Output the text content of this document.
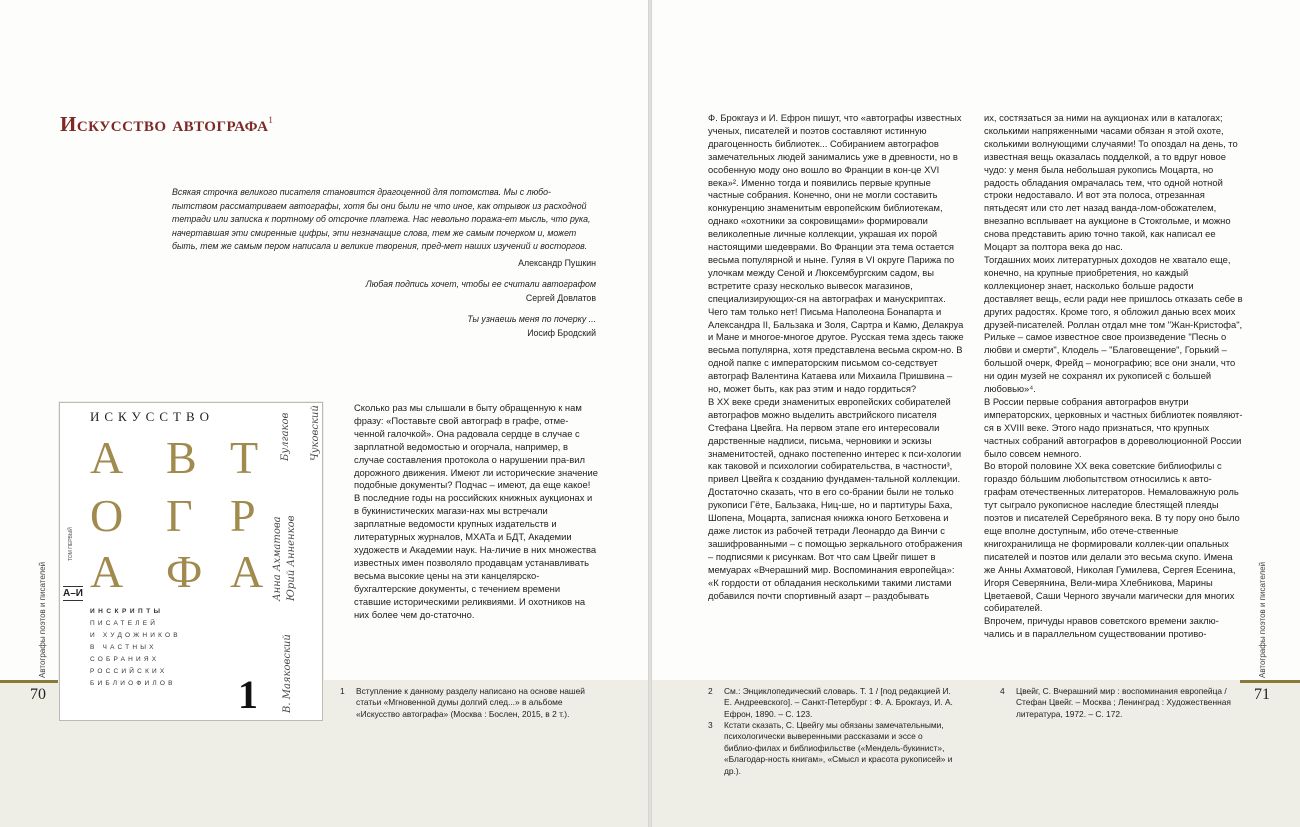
70
Автографы поэтов и писателей
Искусство автографа$^1$

Всякая строчка великого писателя становится драгоценной для потомства. Мы с любо-пытством рассматриваем автографы, хотя бы они были не что иное, как отрывок из расходной тетради или записка к портному об отсрочке платежа. Нас невольно поража-ет мысль, что рука, начертавшая эти смиренные цифры, эти незначащие слова, тем же самым почерком и, может быть, тем же самым пером написала и великие творения, пред-мет наших изучений и восторгов.

Александр Пушкин

Любая подпись хочет, чтобы ее считали автографом

Сергей Довлатов

Ты узнаешь меня по почерку ...

Иосиф Бродский

ИСКУССТВО
А В Т
О Г Р
А Ф А
ТОМ ПЕРВЫЙ
А–И
ИНСКРИПТЫ
ПИСАТЕЛЕЙ
И ХУДОЖНИКОВ
В ЧАСТНЫХ
СОБРАНИЯХ
РОССИЙСКИХ
БИБЛИОФИЛОВ 1
Булгаков Чуковский
Анна Ахматова Юрий Анненков
В. Маяковский

Сколько раз мы слышали в быту обращенную к нам фразу: «Поставьте свой автограф в графе, отме-ченной галочкой». Она радовала сердце в случае с зарплатной ведомостью и огорчала, например, в случае составления протокола о нарушении пра-вил дорожного движения. Имеют ли исторические значение подобные документы? Подчас – имеют, да еще какое! В последние годы на российских книжных аукционах и в букинистических магази-нах мы встречали зарплатные ведомости крупных издательств и литературных журналов, МХАТа и БДТ, Академии художеств и Академии наук. На-личие в них множества известных имен позволяло продавцам устанавливать весьма высокие цены на эти канцелярско-бухгалтерские документы, с течением времени ставшие историческими реликвиями. И охотников на них более чем до-статочно.

1 Вступление к данному разделу написано на основе нашей статьи «Мгновенной думы долгий след...» в альбоме «Искусство автографа» (Москва : Бослен, 2015, в 2 т.).
71
Автографы поэтов и писателей

Ф. Брокгауз и И. Ефрон пишут, что «автографы известных ученых, писателей и поэтов составляют истинную драгоценность библиотек... Собиранием автографов замечательных людей занимались уже в древности, но в особенную моду оно вошло во Франции в кон-це XVI века»². Именно тогда и появились первые крупные частные собрания. Конечно, они не могли составить конкуренцию знаменитым европейским библиотекам, однако «охотники за сокровищами» формировали великолепные личные коллекции, украшая их порой настоящими шедеврами. Во Франции эта тема остается весьма популярной и ныне. Гуляя в VI округе Парижа по улочкам между Сеной и Люксембургским садом, вы встретите сразу несколько вывесок магазинов, специализирующих-ся на автографах и манускриптах. Чего там только нет! Письма Наполеона Бонапарта и Александра II, Бальзака и Золя, Сартра и Камю, Делакруа и Мане и многое-многое другое. Русская тема здесь также весьма популярна, хотя представлена весьма скром-но. В одной папке с императорским письмом со-седствует автограф Валентина Катаева или Михаила Пришвина – но, может быть, как раз этим и надо гордиться?

В XX веке среди знаменитых европейских собирателей автографов можно выделить австрийского писателя Стефана Цвейга. На первом этапе его интересовали дарственные надписи, письма, черновики и эскизы знаменитостей, однако постепенно интерес к пси-хологии как таковой и психологии собирательства, в частности³, привел Цвейга к созданию фундамен-тальной коллекции. Достаточно сказать, что в его со-брании были не только рукописи Гёте, Бальзака, Ниц-ше, но и партитуры Баха, Шопена, Моцарта, записная книжка юного Бетховена и даже листок из рабочей тетради Леонардо да Винчи с зашифрованными – с помощью зеркального отображения – подписями к рисункам. Вот что сам Цвейг пишет в мемуарах «Вчерашний мир. Воспоминания европейца»:

«К гордости от обладания несколькими такими листами добавился почти спортивный азарт – раздобывать

их, состязаться за ними на аукционах или в каталогах; сколькими напряженными часами обязан я этой охоте, сколькими волнующими случаями! То опоздал на день, то известная вещь оказалась подделкой, а то вдруг новое чудо: у меня была небольшая рукопись Моцарта, но радость обладания омрачалась тем, что одной нотной строки недоставало. И вот эта полоса, отрезанная пятьдесят или сто лет назад ванда-лом-обожателем, внезапно всплывает на аукционе в Стокгольме, и можно снова представить арию точно такой, как написал ее Моцарт за полтора века до нас.

Тогдашних моих литературных доходов не хватало еще, конечно, на крупные приобретения, но каждый коллекционер знает, насколько больше радости доставляет вещь, если ради нее пришлось отказать себе в других радостях. Кроме того, я обложил данью всех моих друзей-писателей. Роллан отдал мне том "Жан-Кристофа", Рильке – самое известное свое произведение "Песнь о любви и смерти", Клодель – "Благовещение", Горький – большой очерк, Фрейд – монографию; все они знали, что ни один музей не сохранял их рукописей с большей любовью»⁴.

В России первые собрания автографов внутри императорских, церковных и частных библиотек появляют-ся в XVIII веке. Этого надо признаться, что крупных частных собраний автографов в дореволюционной России было совсем немного.

Во второй половине XX века советские библиофилы с гораздо бóльшим любопытством относились к авто-графам отечественных литераторов. Немаловажную роль тут сыграло рукописное наследие блестящей плеяды поэтов и писателей Серебряного века. В ту пору оно было еще вполне доступным, ибо отече-ственные книгохранилища не формировали коллек-ции опальных писателей и поэтов или делали это весьма скупо. Имена же Анны Ахматовой, Николая Гумилева, Сергея Есенина, Игоря Северянина, Вели-мира Хлебникова, Марины Цветаевой, Саши Черного звучали магически для многих собирателей.

Впрочем, причуды нравов советского времени заклю-чались и в параллельном существовании противо-

2 См.: Энциклопедический словарь. Т. 1 / [под редакцией И. Е. Андреевского]. – Санкт-Петербург : Ф. А. Брокгауз, И. А. Ефрон, 1890. – С. 123.
3 Кстати сказать, С. Цвейгу мы обязаны замечательными, психологически выверенными рассказами и эссе о библио-филах и библиофильстве («Мендель-букинист», «Благодар-ность книгам», «Смысл и красота рукописей» и др.).
4 Цвейг, С. Вчерашний мир : воспоминания европейца / Стефан Цвейг. – Москва ; Ленинград : Художественная литература, 1972. – С. 172.
